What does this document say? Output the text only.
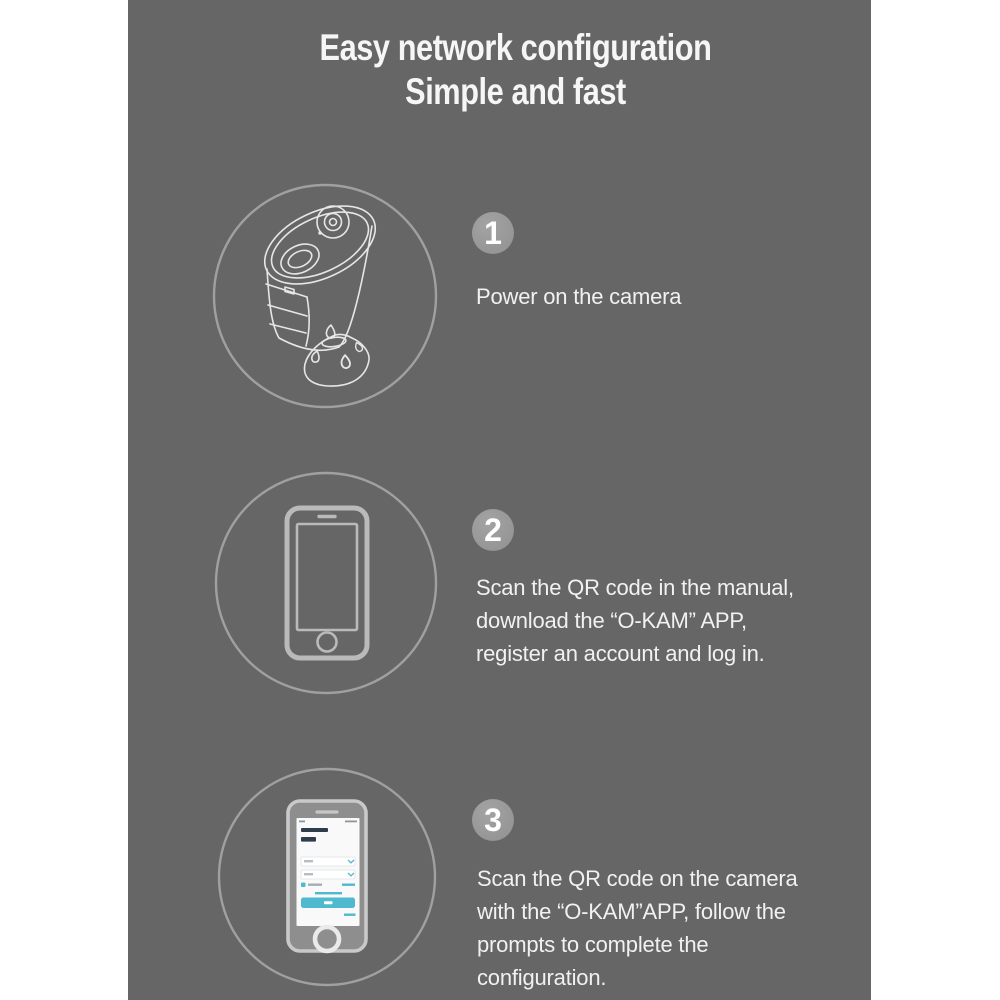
Easy network configuration
Simple and fast
1
Power on the camera
2
Scan the QR code in the manual,
download the “O-KAM” APP,
register an account and log in.
3
Scan the QR code on the camera
with the “O-KAM”APP, follow the
prompts to complete the
configuration.
